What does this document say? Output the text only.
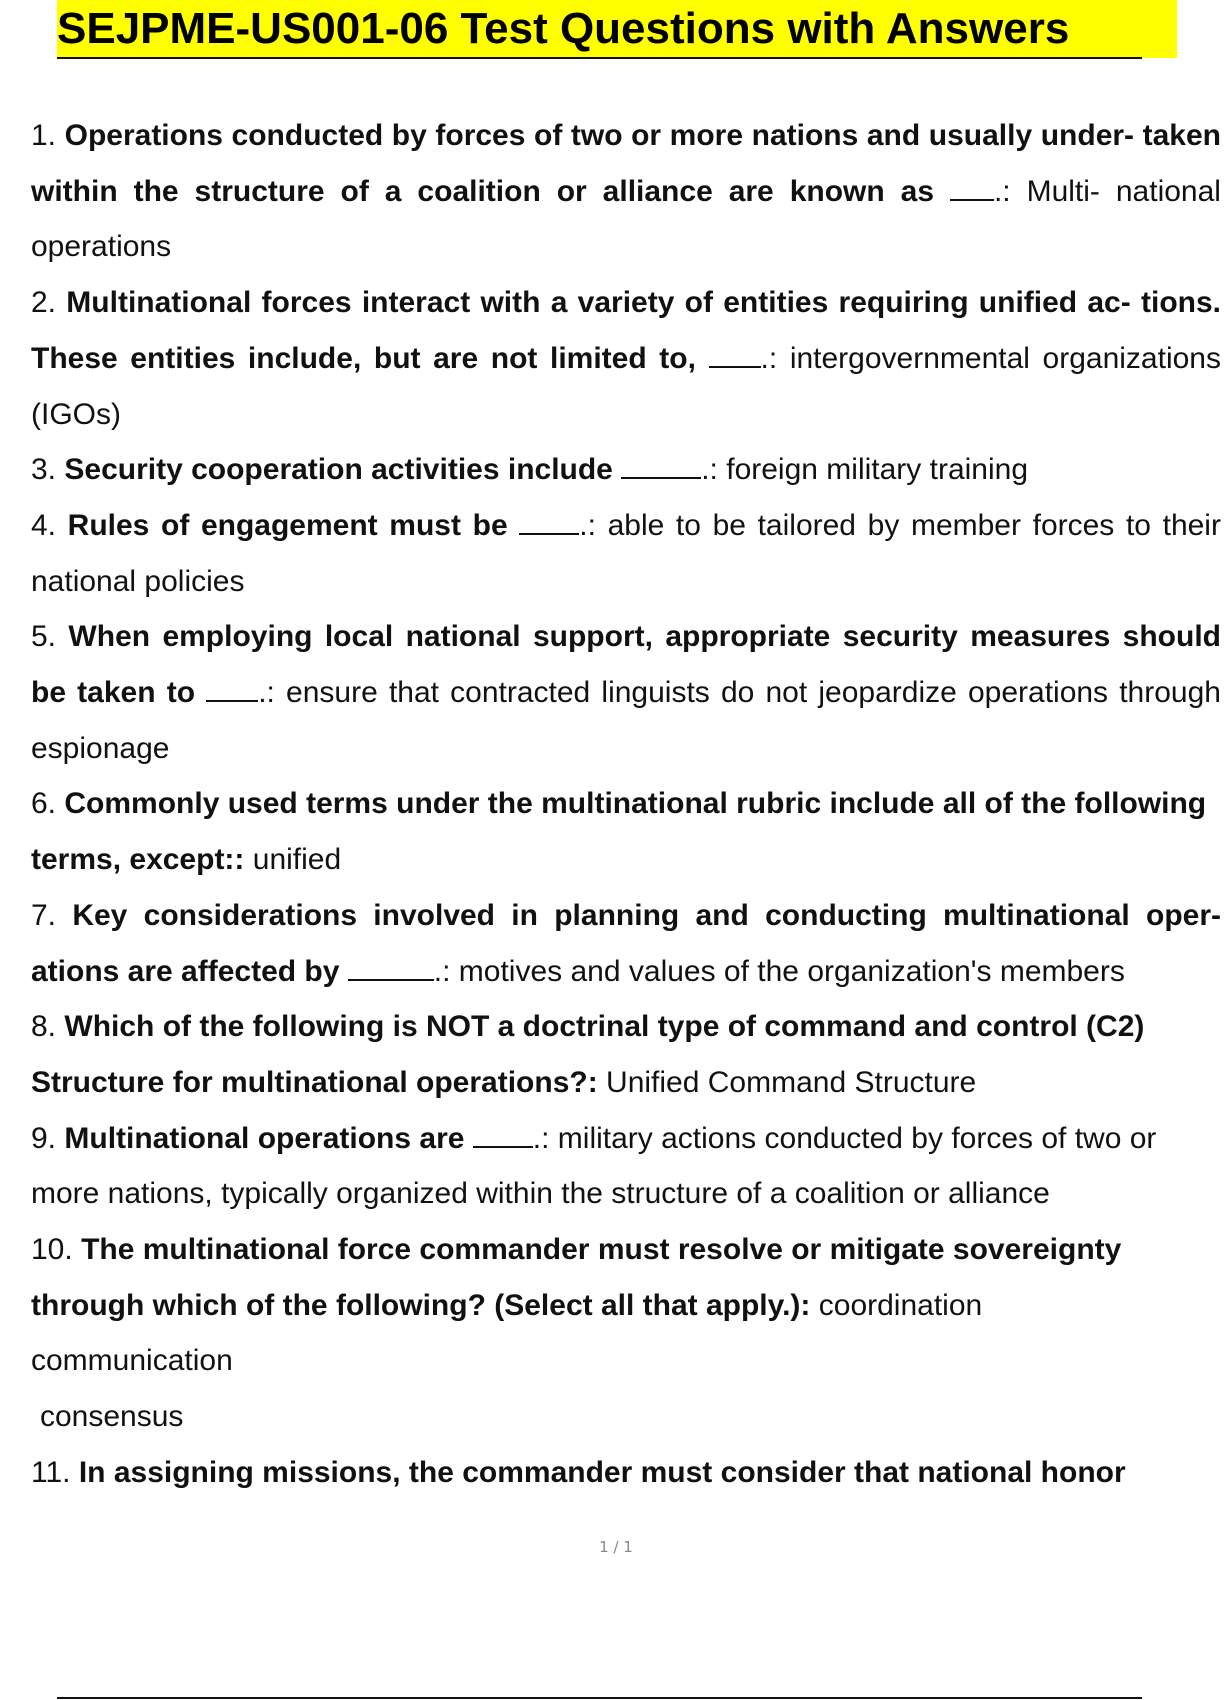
SEJPME-US001-06 Test Questions with Answers

1. Operations conducted by forces of two or more nations and usually under- taken within the structure of a coalition or alliance are known as .: Multi- national operations

2. Multinational forces interact with a variety of entities requiring unified ac- tions. These entities include, but are not limited to, .: intergovernmental organizations (IGOs)

3. Security cooperation activities include	.: foreign military training

4. Rules of engagement must be .: able to be tailored by member forces to their national policies

5. When employing local national support, appropriate security measures should be taken to .: ensure that contracted linguists do not jeopardize operations through espionage

6. Commonly used terms under the multinational rubric include all of the following terms, except:: unified

7. Key considerations involved in planning and conducting multinational oper- ations are affected by	.: motives and values of the organization's members

8. Which of the following is NOT a doctrinal type of command and control (C2) Structure for multinational operations?: Unified Command Structure

9. Multinational operations are .: military actions conducted by forces of two or more nations, typically organized within the structure of a coalition or alliance

10. The multinational force commander must resolve or mitigate sovereignty through which of the following? (Select all that apply.): coordination
communication
consensus

11. In assigning missions, the commander must consider that national honor

1 / 1
